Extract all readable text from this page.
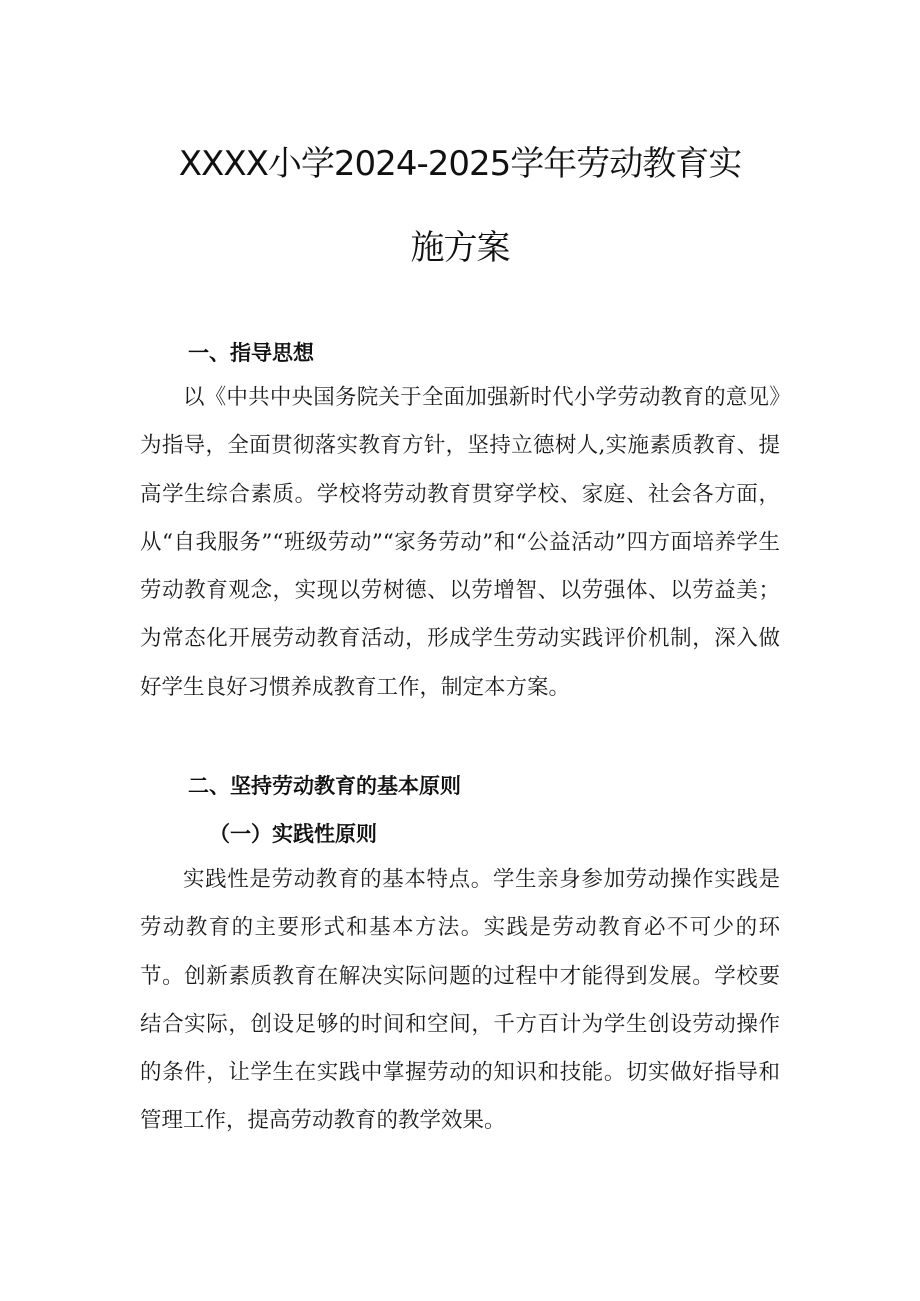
XXXX小学2024-2025学年劳动教育实
施方案
一、指导思想

以《中共中央国务院关于全面加强新时代小学劳动教育的意见》为指导，全面贯彻落实教育方针，坚持立德树人,实施素质教育、提高学生综合素质。学校将劳动教育贯穿学校、家庭、社会各方面，从“自我服务”“班级劳动”“家务劳动”和“公益活动”四方面培养学生劳动教育观念，实现以劳树德、以劳增智、以劳强体、以劳益美；为常态化开展劳动教育活动，形成学生劳动实践评价机制，深入做好学生良好习惯养成教育工作，制定本方案。

二、坚持劳动教育的基本原则
（一）实践性原则

实践性是劳动教育的基本特点。学生亲身参加劳动操作实践是劳动教育的主要形式和基本方法。实践是劳动教育必不可少的环节。创新素质教育在解决实际问题的过程中才能得到发展。学校要结合实际，创设足够的时间和空间，千方百计为学生创设劳动操作的条件，让学生在实践中掌握劳动的知识和技能。切实做好指导和管理工作，提高劳动教育的教学效果。
